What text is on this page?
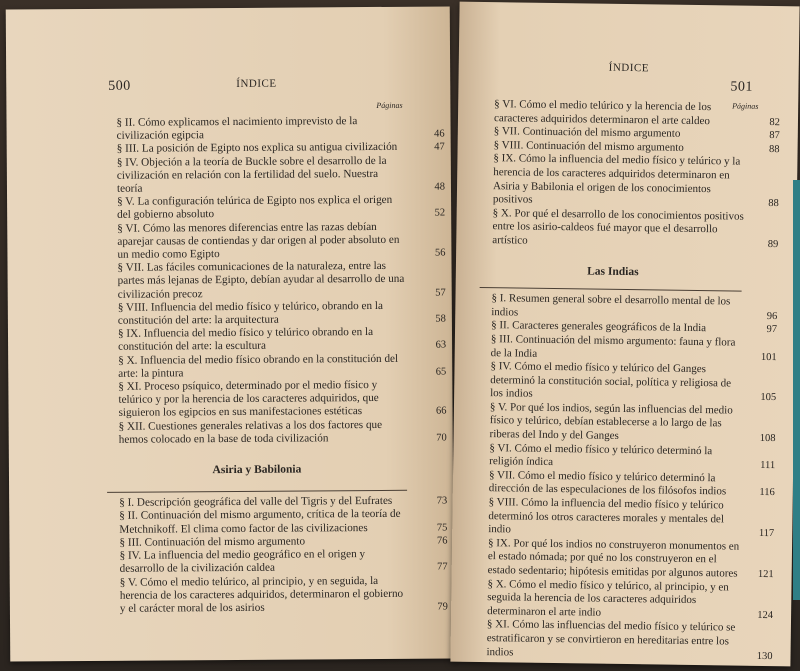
500	ÍNDICE
Páginas
§ II. Cómo explicamos el nacimiento imprevisto de la civilización egipcia	46
§ III. La posición de Egipto nos explica su antigua civilización	47
§ IV. Objeción a la teoría de Buckle sobre el desarrollo de la civilización en relación con la fertilidad del suelo. Nuestra teoría	48
§ V. La configuración telúrica de Egipto nos explica el origen del gobierno absoluto	52
§ VI. Cómo las menores diferencias entre las razas debían aparejar causas de contiendas y dar origen al poder absoluto en un medio como Egipto	56
§ VII. Las fáciles comunicaciones de la naturaleza, entre las partes más lejanas de Egipto, debían ayudar al desarrollo de una civilización precoz	57
§ VIII. Influencia del medio físico y telúrico, obrando en la constitución del arte: la arquitectura	58
§ IX. Influencia del medio físico y telúrico obrando en la constitución del arte: la escultura	63
§ X. Influencia del medio físico obrando en la constitución del arte: la pintura	65
§ XI. Proceso psíquico, determinado por el medio físico y telúrico y por la herencia de los caracteres adquiridos, que siguieron los egipcios en sus manifestaciones estéticas	66
§ XII. Cuestiones generales relativas a los dos factores que hemos colocado en la base de toda civilización	70
Asiria y Babilonia
§ I. Descripción geográfica del valle del Tigris y del Eufrates	73
§ II. Continuación del mismo argumento, crítica de la teoría de Metchnikoff. El clima como factor de las civilizaciones	75
§ III. Continuación del mismo argumento	76
§ IV. La influencia del medio geográfico en el origen y desarrollo de la civilización caldea	77
§ V. Cómo el medio telúrico, al principio, y en seguida, la herencia de los caracteres adquiridos, determinaron el gobierno y el carácter moral de los asirios	79
ÍNDICE
501
Páginas
§ VI. Cómo el medio telúrico y la herencia de los caracteres adquiridos determinaron el arte caldeo	82
§ VII. Continuación del mismo argumento	87
§ VIII. Continuación del mismo argumento	88
§ IX. Cómo la influencia del medio físico y telúrico y la herencia de los caracteres adquiridos determinaron en Asiria y Babilonia el origen de los conocimientos positivos	88
§ X. Por qué el desarrollo de los conocimientos positivos entre los asirio-caldeos fué mayor que el desarrollo artístico	89
Las Indias
§ I. Resumen general sobre el desarrollo mental de los indios	96
§ II. Caracteres generales geográficos de la India	97
§ III. Continuación del mismo argumento: fauna y flora de la India	101
§ IV. Cómo el medio físico y telúrico del Ganges determinó la constitución social, política y religiosa de los indios	105
§ V. Por qué los indios, según las influencias del medio físico y telúrico, debían establecerse a lo largo de las riberas del Indo y del Ganges	108
§ VI. Cómo el medio físico y telúrico determinó la religión índica	111
§ VII. Cómo el medio físico y telúrico determinó la dirección de las especulaciones de los filósofos indios	116
§ VIII. Cómo la influencia del medio físico y telúrico determinó los otros caracteres morales y mentales del indio	117
§ IX. Por qué los indios no construyeron monumentos en el estado nómada; por qué no los construyeron en el estado sedentario; hipótesis emitidas por algunos autores 121
§ X. Cómo el medio físico y telúrico, al principio, y en seguida la herencia de los caracteres adquiridos determinaron el arte indio	124
§ XI. Cómo las influencias del medio físico y telúrico se estratificaron y se convirtieron en hereditarias entre los indios	130
